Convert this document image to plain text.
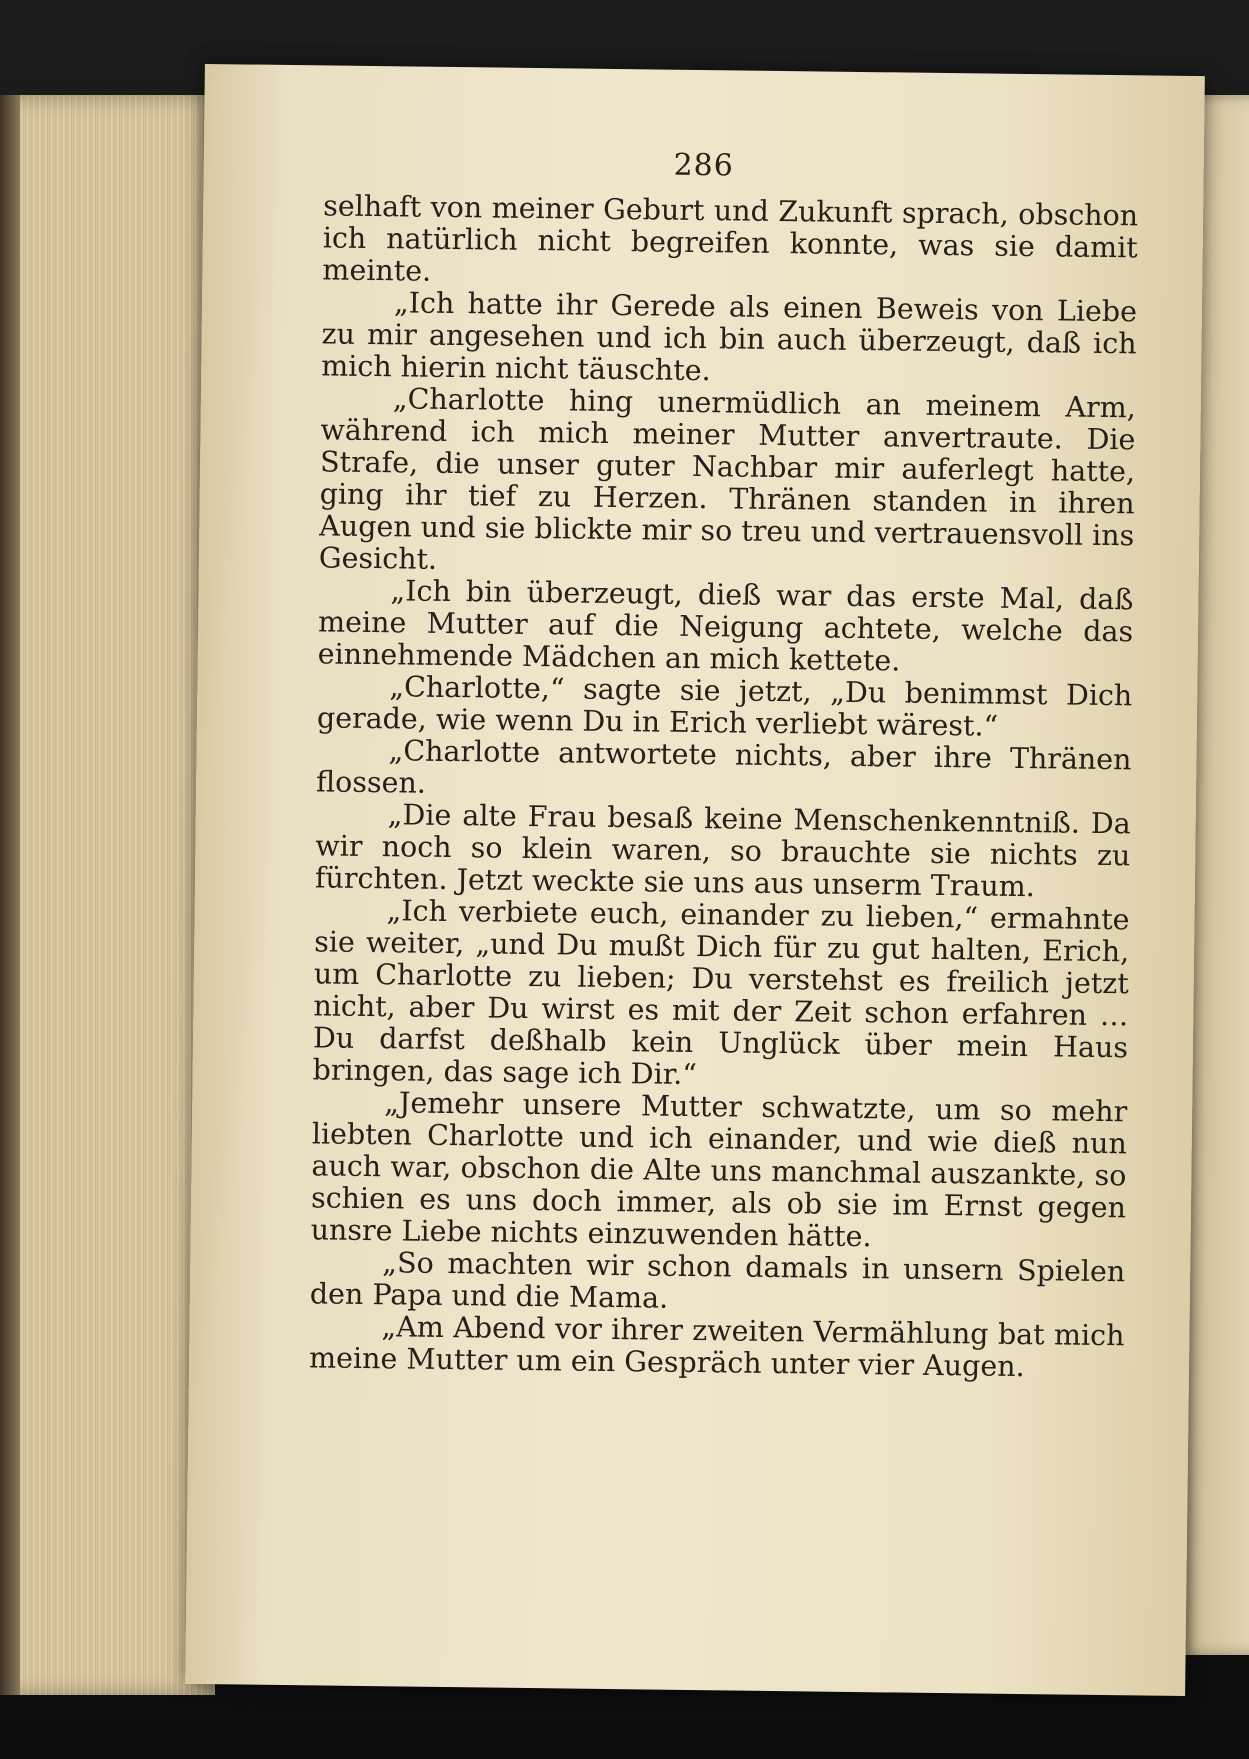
286

selhaft von meiner Geburt und Zukunft sprach, obschon ich natürlich nicht begreifen konnte, was sie damit meinte.

„Ich hatte ihr Gerede als einen Beweis von Liebe zu mir angesehen und ich bin auch überzeugt, daß ich mich hierin nicht täuschte.

„Charlotte hing unermüdlich an meinem Arm, während ich mich meiner Mutter anvertraute. Die Strafe, die unser guter Nachbar mir auferlegt hatte, ging ihr tief zu Herzen. Thränen standen in ihren Augen und sie blickte mir so treu und vertrauensvoll ins Gesicht.

„Ich bin überzeugt, dieß war das erste Mal, daß meine Mutter auf die Neigung achtete, welche das einnehmende Mädchen an mich kettete.

„Charlotte,“ sagte sie jetzt, „Du benimmst Dich gerade, wie wenn Du in Erich verliebt wärest.“

„Charlotte antwortete nichts, aber ihre Thränen flossen.

„Die alte Frau besaß keine Menschenkenntniß. Da wir noch so klein waren, so brauchte sie nichts zu fürchten. Jetzt weckte sie uns aus unserm Traum.

„Ich verbiete euch, einander zu lieben,“ ermahnte sie weiter, „und Du mußt Dich für zu gut halten, Erich, um Charlotte zu lieben; Du verstehst es freilich jetzt nicht, aber Du wirst es mit der Zeit schon erfahren … Du darfst deßhalb kein Unglück über mein Haus bringen, das sage ich Dir.“

„Jemehr unsere Mutter schwatzte, um so mehr liebten Charlotte und ich einander, und wie dieß nun auch war, obschon die Alte uns manchmal auszankte, so schien es uns doch immer, als ob sie im Ernst gegen unsre Liebe nichts einzuwenden hätte.

„So machten wir schon damals in unsern Spielen den Papa und die Mama.

„Am Abend vor ihrer zweiten Vermählung bat mich meine Mutter um ein Gespräch unter vier Augen.
